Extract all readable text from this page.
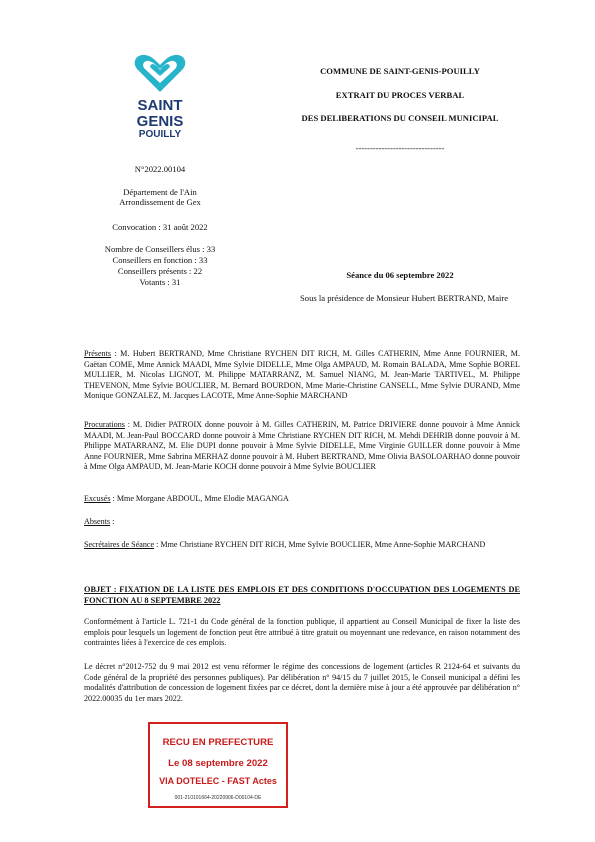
SAINT
GENIS
POUILLY
COMMUNE DE SAINT-GENIS-POUILLY
EXTRAIT DU PROCES VERBAL
DES DELIBERATIONS DU CONSEIL MUNICIPAL
-------------------------------
N°2022.00104
Département de l'Ain
Arrondissement de Gex
Convocation : 31 août 2022
Nombre de Conseillers élus : 33
Conseillers en fonction : 33
Conseillers présents : 22
Votants : 31
Séance du 06 septembre 2022
Sous la présidence de Monsieur Hubert BERTRAND, Maire
Présents : M. Hubert BERTRAND, Mme Christiane RYCHEN DIT RICH, M. Gilles CATHERIN, Mme Anne FOURNIER, M. Gaëtan COME, Mme Annick MAADI, Mme Sylvie DIDELLE, Mme Olga AMPAUD, M. Romain BALADA, Mme Sophie BOREL MULLIER, M. Nicolas LIGNOT, M. Philippe MATARRANZ, M. Samuel NIANG, M. Jean-Marie TARTIVEL, M. Philippe THEVENON, Mme Sylvie BOUCLIER, M. Bernard BOURDON, Mme Marie-Christine CANSELL, Mme Sylvie DURAND, Mme Monique GONZALEZ, M. Jacques LACOTE, Mme Anne-Sophie MARCHAND
Procurations : M. Didier PATROIX donne pouvoir à M. Gilles CATHERIN, M. Patrice DRIVIERE donne pouvoir à Mme Annick MAADI, M. Jean-Paul BOCCARD donne pouvoir à Mme Christiane RYCHEN DIT RICH, M. Mehdi DEHRIB donne pouvoir à M. Philippe MATARRANZ, M. Elie DUPI donne pouvoir à Mme Sylvie DIDELLE, Mme Virginie GUILLER donne pouvoir à Mme Anne FOURNIER, Mme Sabrina MERHAZ donne pouvoir à M. Hubert BERTRAND, Mme Olivia BASOLOARHAO donne pouvoir à Mme Olga AMPAUD, M. Jean-Marie KOCH donne pouvoir à Mme Sylvie BOUCLIER
Excusés : Mme Morgane ABDOUL, Mme Elodie MAGANGA
Absents :
Secrétaires de Séance : Mme Christiane RYCHEN DIT RICH, Mme Sylvie BOUCLIER, Mme Anne-Sophie MARCHAND
OBJET : FIXATION DE LA LISTE DES EMPLOIS ET DES CONDITIONS D'OCCUPATION DES LOGEMENTS DE FONCTION AU 8 SEPTEMBRE 2022
Conformément à l'article L. 721-1 du Code général de la fonction publique, il appartient au Conseil Municipal de fixer la liste des emplois pour lesquels un logement de fonction peut être attribué à titre gratuit ou moyennant une redevance, en raison notamment des contraintes liées à l'exercice de ces emplois.
Le décret n°2012-752 du 9 mai 2012 est venu réformer le régime des concessions de logement (articles R 2124-64 et suivants du Code général de la propriété des personnes publiques). Par délibération n° 94/15 du 7 juillet 2015, le Conseil municipal a défini les modalités d'attribution de concession de logement fixées par ce décret, dont la dernière mise à jour a été approuvée par délibération n° 2022.00035 du 1er mars 2022.
RECU EN PREFECTURE
Le 08 septembre 2022
VIA DOTELEC - FAST Actes
001-210101664-20220906-D00104-DE
